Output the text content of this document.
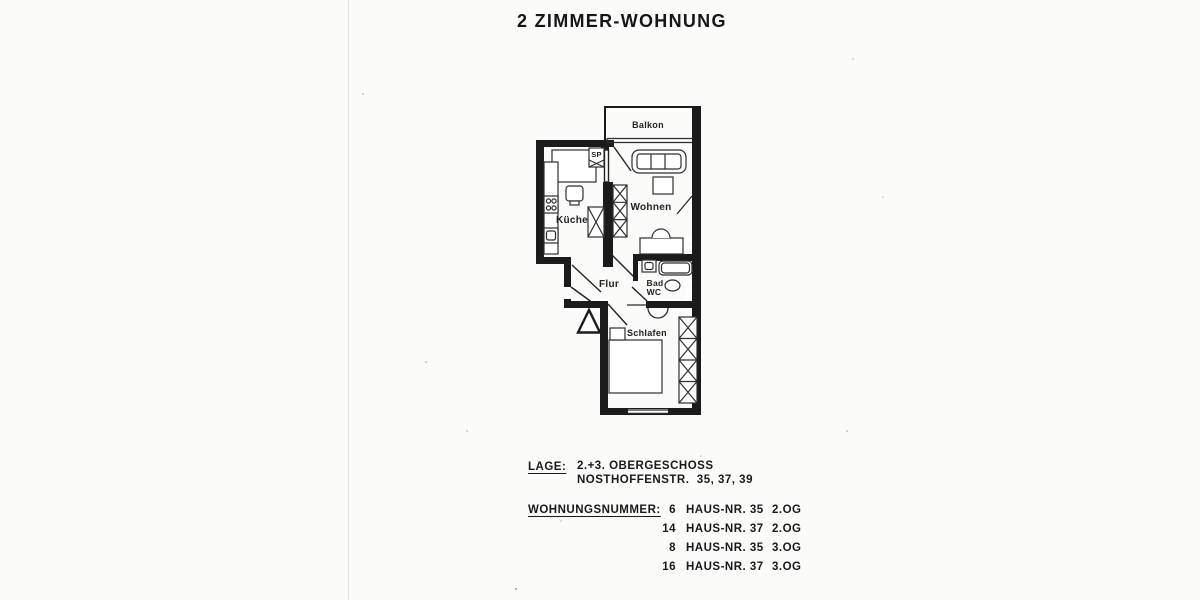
2 ZIMMER-WOHNUNG
Balkon
Wohnen
Küche
Flur	Bad
WC
Schlafen
SP
LAGE: 2.+3. OBERGESCHOSS
NOSTHOFFENSTR.  35, 37, 39
WOHNUNGSNUMMER: 6 HAUS-NR. 35 2.OG
14 HAUS-NR. 37 2.OG
8 HAUS-NR. 35 3.OG
16 HAUS-NR. 37 3.OG
